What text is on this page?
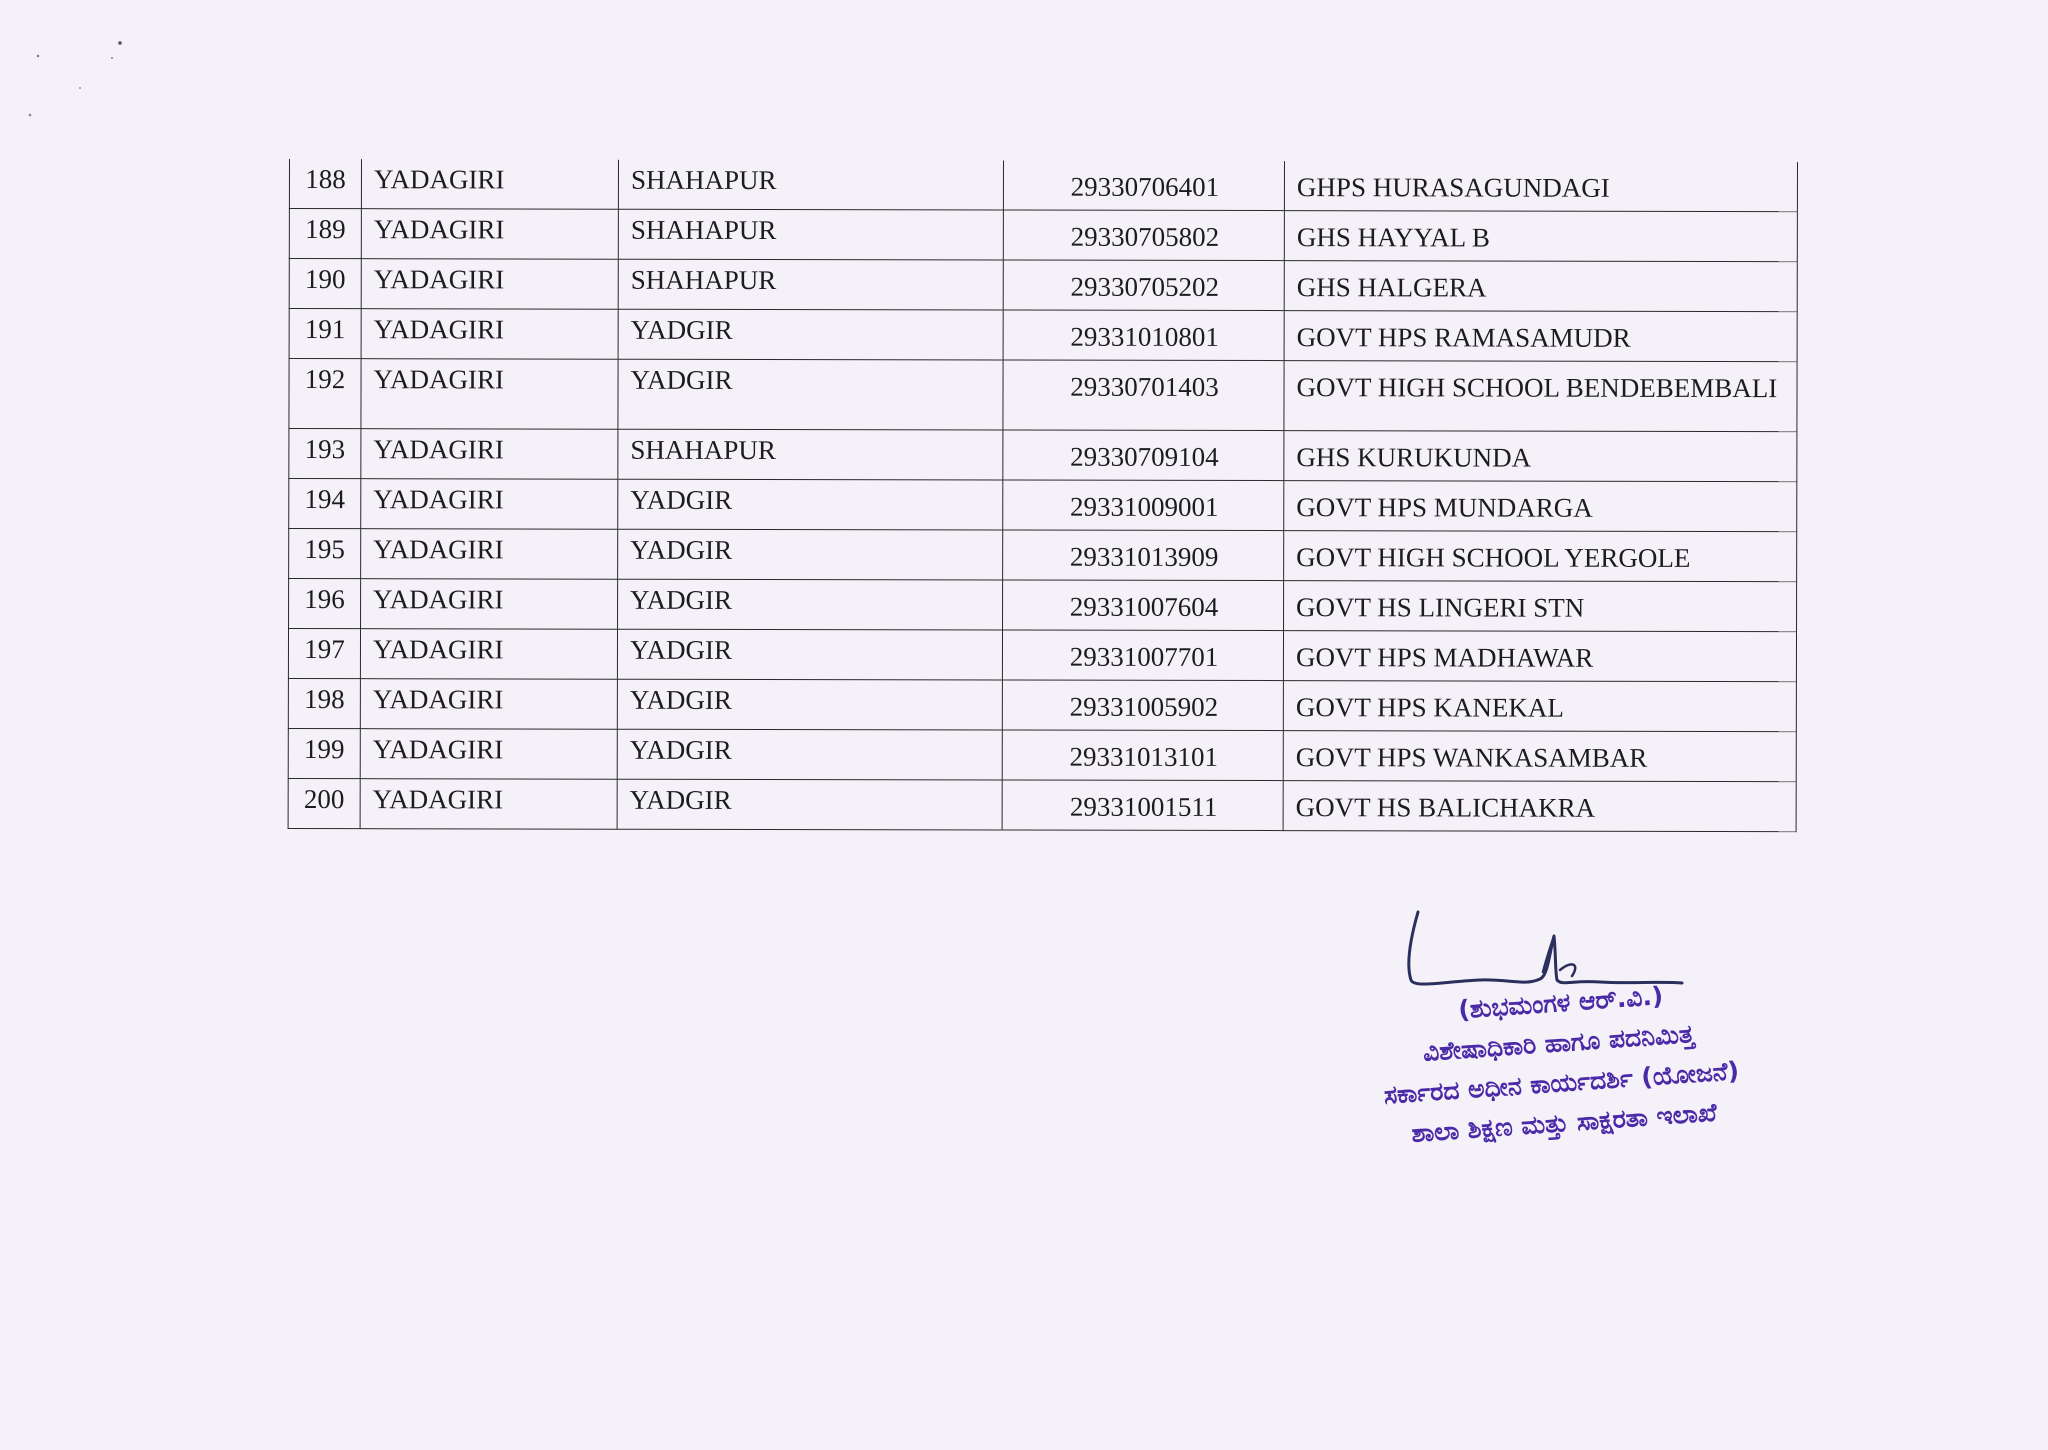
188	YADAGIRI	SHAHAPUR	29330706401	GHPS HURASAGUNDAGI
189	YADAGIRI	SHAHAPUR	29330705802	GHS HAYYAL B
190	YADAGIRI	SHAHAPUR	29330705202	GHS HALGERA
191	YADAGIRI	YADGIR	29331010801	GOVT HPS RAMASAMUDR
192	YADAGIRI	YADGIR	29330701403	GOVT HIGH SCHOOL BENDEBEMBALI
193	YADAGIRI	SHAHAPUR	29330709104	GHS KURUKUNDA
194	YADAGIRI	YADGIR	29331009001	GOVT HPS MUNDARGA
195	YADAGIRI	YADGIR	29331013909	GOVT HIGH SCHOOL YERGOLE
196	YADAGIRI	YADGIR	29331007604	GOVT HS LINGERI STN
197	YADAGIRI	YADGIR	29331007701	GOVT HPS MADHAWAR
198	YADAGIRI	YADGIR	29331005902	GOVT HPS KANEKAL
199	YADAGIRI	YADGIR	29331013101	GOVT HPS WANKASAMBAR
200	YADAGIRI	YADGIR	29331001511	GOVT HS BALICHAKRA
(ಶುಭಮಂಗಳ ಆರ್.ವಿ.)
ವಿಶೇಷಾಧಿಕಾರಿ ಹಾಗೂ ಪದನಿಮಿತ್ತ
ಸರ್ಕಾರದ ಅಧೀನ ಕಾರ್ಯದರ್ಶಿ (ಯೋಜನೆ)
ಶಾಲಾ ಶಿಕ್ಷಣ ಮತ್ತು ಸಾಕ್ಷರತಾ ಇಲಾಖೆ
